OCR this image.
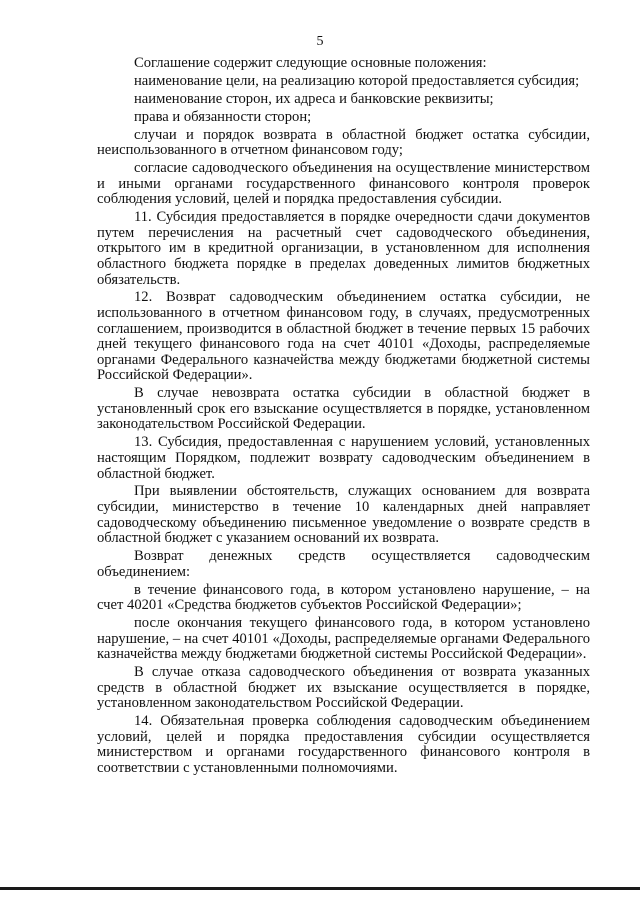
5

Соглашение содержит следующие основные положения:

наименование цели, на реализацию которой предоставляется субсидия;

наименование сторон, их адреса и банковские реквизиты;

права и обязанности сторон;

случаи и порядок возврата в областной бюджет остатка субсидии, неиспользованного в отчетном финансовом году;

согласие садоводческого объединения на осуществление министерством и иными органами государственного финансового контроля проверок соблюдения условий, целей и порядка предоставления субсидии.

11. Субсидия предоставляется в порядке очередности сдачи документов путем перечисления на расчетный счет садоводческого объединения, открытого им в кредитной организации, в установленном для исполнения областного бюджета порядке в пределах доведенных лимитов бюджетных обязательств.

12. Возврат садоводческим объединением остатка субсидии, не использованного в отчетном финансовом году, в случаях, предусмотренных соглашением, производится в областной бюджет в течение первых 15 рабочих дней текущего финансового года на счет 40101 «Доходы, распределяемые органами Федерального казначейства между бюджетами бюджетной системы Российской Федерации».

В случае невозврата остатка субсидии в областной бюджет в установленный срок его взыскание осуществляется в порядке, установленном законодательством Российской Федерации.

13. Субсидия, предоставленная с нарушением условий, установленных настоящим Порядком, подлежит возврату садоводческим объединением в областной бюджет.

При выявлении обстоятельств, служащих основанием для возврата субсидии, министерство в течение 10 календарных дней направляет садоводческому объединению письменное уведомление о возврате средств в областной бюджет с указанием оснований их возврата.

Возврат денежных средств осуществляется садоводческим объединением:

в течение финансового года, в котором установлено нарушение, – на счет 40201 «Средства бюджетов субъектов Российской Федерации»;

после окончания текущего финансового года, в котором установлено нарушение, – на счет 40101 «Доходы, распределяемые органами Федерального казначейства между бюджетами бюджетной системы Российской Федерации».

В случае отказа садоводческого объединения от возврата указанных средств в областной бюджет их взыскание осуществляется в порядке, установленном законодательством Российской Федерации.

14. Обязательная проверка соблюдения садоводческим объединением условий, целей и порядка предоставления субсидии осуществляется министерством и органами государственного финансового контроля в соответствии с установленными полномочиями.
